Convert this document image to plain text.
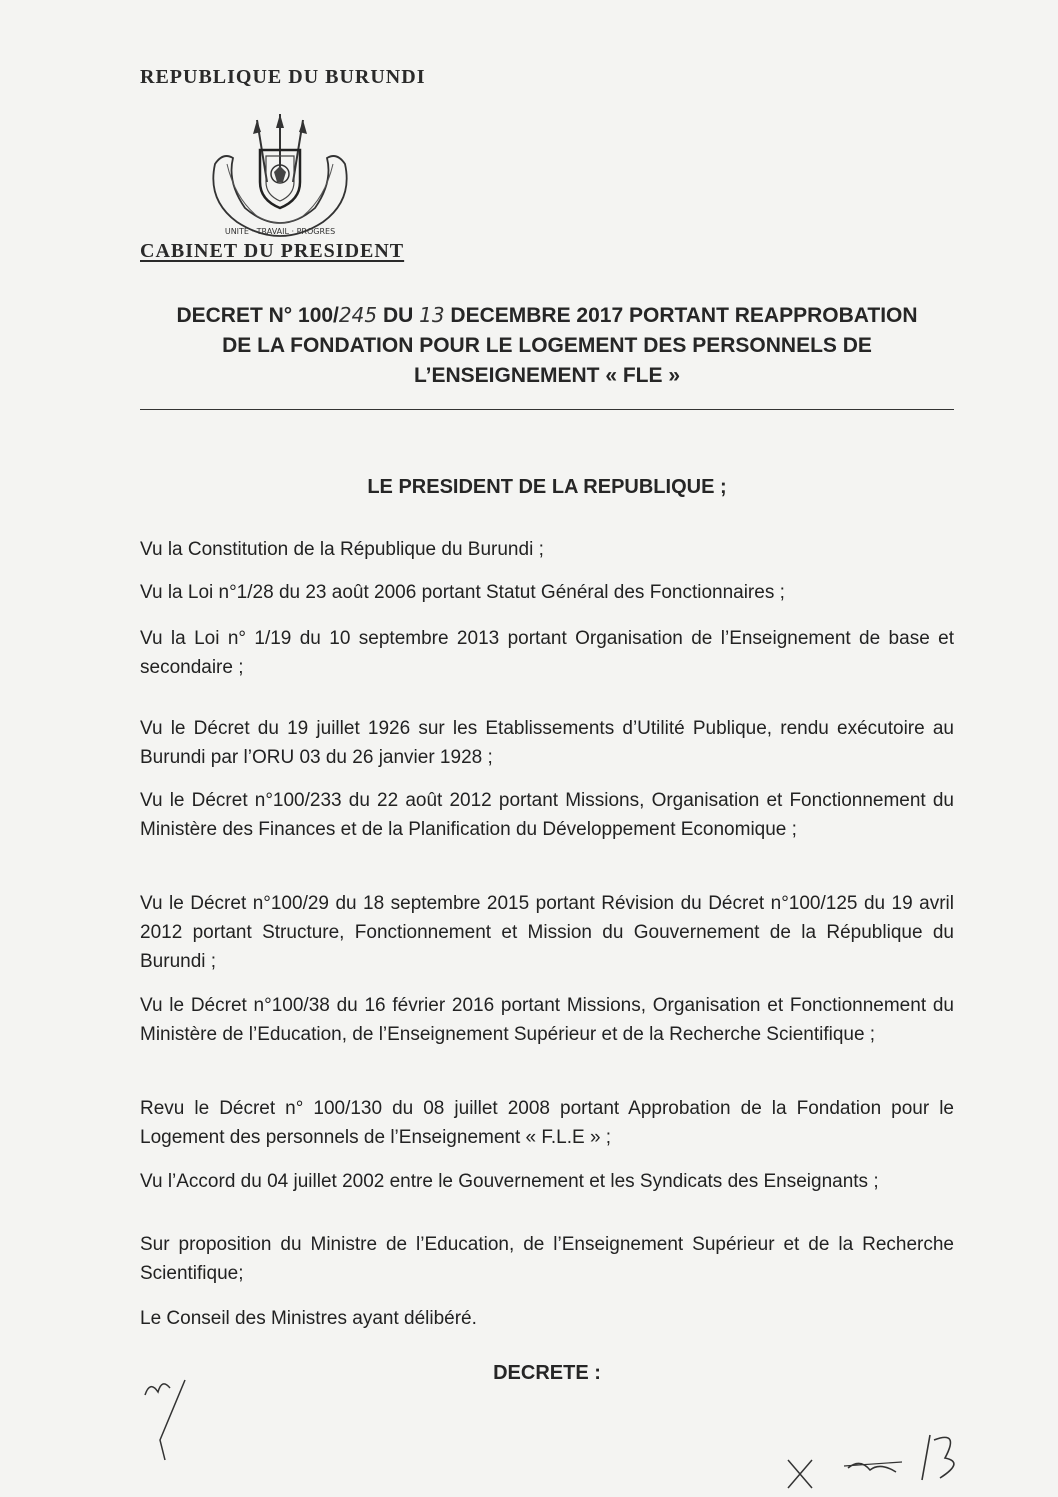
REPUBLIQUE DU BURUNDI
UNITE · TRAVAIL · PROGRES
CABINET DU PRESIDENT
DECRET N° 100/245 DU 13 DECEMBRE 2017 PORTANT REAPPROBATION
DE LA FONDATION POUR LE LOGEMENT DES PERSONNELS DE
L’ENSEIGNEMENT « FLE »
LE PRESIDENT DE LA REPUBLIQUE ;
Vu la Constitution de la République du Burundi ;
Vu la Loi n°1/28 du 23 août 2006 portant Statut Général des Fonctionnaires ;
Vu la Loi n° 1/19 du 10 septembre 2013 portant Organisation de l’Enseignement de base et secondaire ;
Vu le Décret du 19 juillet 1926 sur les Etablissements d’Utilité Publique, rendu exécutoire au Burundi par l’ORU 03 du 26 janvier 1928 ;
Vu le Décret n°100/233 du 22 août 2012 portant Missions, Organisation et Fonctionnement du Ministère des Finances et de la Planification du Développement Economique ;
Vu le Décret n°100/29 du 18 septembre 2015 portant Révision du Décret n°100/125 du 19 avril 2012 portant Structure, Fonctionnement et Mission du Gouvernement de la République du Burundi ;
Vu le Décret n°100/38 du 16 février 2016 portant Missions, Organisation et Fonctionnement du Ministère de l’Education, de l’Enseignement Supérieur et de la Recherche Scientifique ;
Revu le Décret n° 100/130 du 08 juillet 2008 portant Approbation de la Fondation pour le Logement des personnels de l’Enseignement « F.L.E » ;
Vu l’Accord du 04 juillet 2002 entre le Gouvernement et les Syndicats des Enseignants ;
Sur proposition du Ministre de l’Education, de l’Enseignement Supérieur et de la Recherche Scientifique;
Le Conseil des Ministres ayant délibéré.
DECRETE :
